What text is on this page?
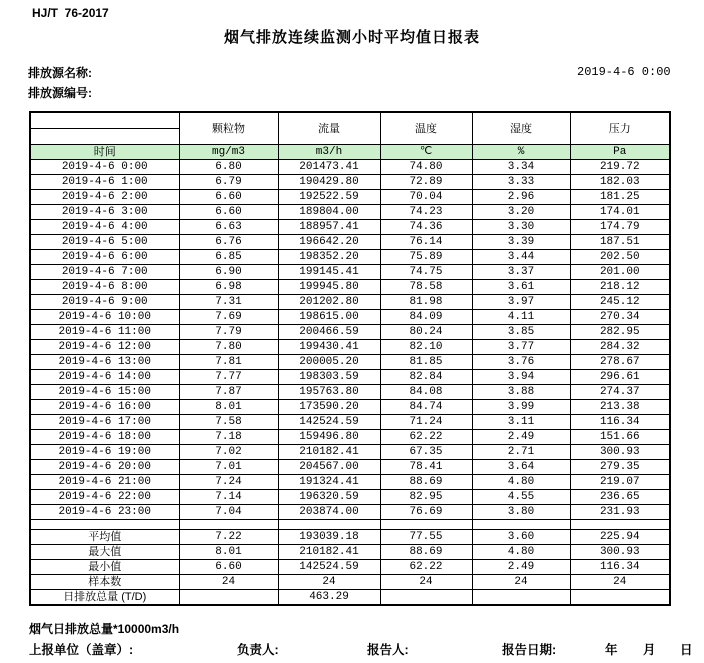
HJ/T  76-2017
烟气排放连续监测小时平均值日报表
排放源名称:
排放源编号:
2019-4-6 0:00
	颗粒物	流量	温度	湿度	压力

时间	mg/m3	m3/h	℃	%	Pa
2019-4-6 0:00	6.80	201473.41	74.80	3.34	219.72
2019-4-6 1:00	6.79	190429.80	72.89	3.33	182.03
2019-4-6 2:00	6.60	192522.59	70.04	2.96	181.25
2019-4-6 3:00	6.60	189804.00	74.23	3.20	174.01
2019-4-6 4:00	6.63	188957.41	74.36	3.30	174.79
2019-4-6 5:00	6.76	196642.20	76.14	3.39	187.51
2019-4-6 6:00	6.85	198352.20	75.89	3.44	202.50
2019-4-6 7:00	6.90	199145.41	74.75	3.37	201.00
2019-4-6 8:00	6.98	199945.80	78.58	3.61	218.12
2019-4-6 9:00	7.31	201202.80	81.98	3.97	245.12
2019-4-6 10:00	7.69	198615.00	84.09	4.11	270.34
2019-4-6 11:00	7.79	200466.59	80.24	3.85	282.95
2019-4-6 12:00	7.80	199430.41	82.10	3.77	284.32
2019-4-6 13:00	7.81	200005.20	81.85	3.76	278.67
2019-4-6 14:00	7.77	198303.59	82.84	3.94	296.61
2019-4-6 15:00	7.87	195763.80	84.08	3.88	274.37
2019-4-6 16:00	8.01	173590.20	84.74	3.99	213.38
2019-4-6 17:00	7.58	142524.59	71.24	3.11	116.34
2019-4-6 18:00	7.18	159496.80	62.22	2.49	151.66
2019-4-6 19:00	7.02	210182.41	67.35	2.71	300.93
2019-4-6 20:00	7.01	204567.00	78.41	3.64	279.35
2019-4-6 21:00	7.24	191324.41	88.69	4.80	219.07
2019-4-6 22:00	7.14	196320.59	82.95	4.55	236.65
2019-4-6 23:00	7.04	203874.00	76.69	3.80	231.93

平均值	7.22	193039.18	77.55	3.60	225.94
最大值	8.01	210182.41	88.69	4.80	300.93
最小值	6.60	142524.59	62.22	2.49	116.34
样本数	24	24	24	24	24
日排放总量 (T/D)		463.29			
烟气日排放总量*10000m3/h
上报单位（盖章）:	负责人:	报告人:	报告日期:	年 月 日
